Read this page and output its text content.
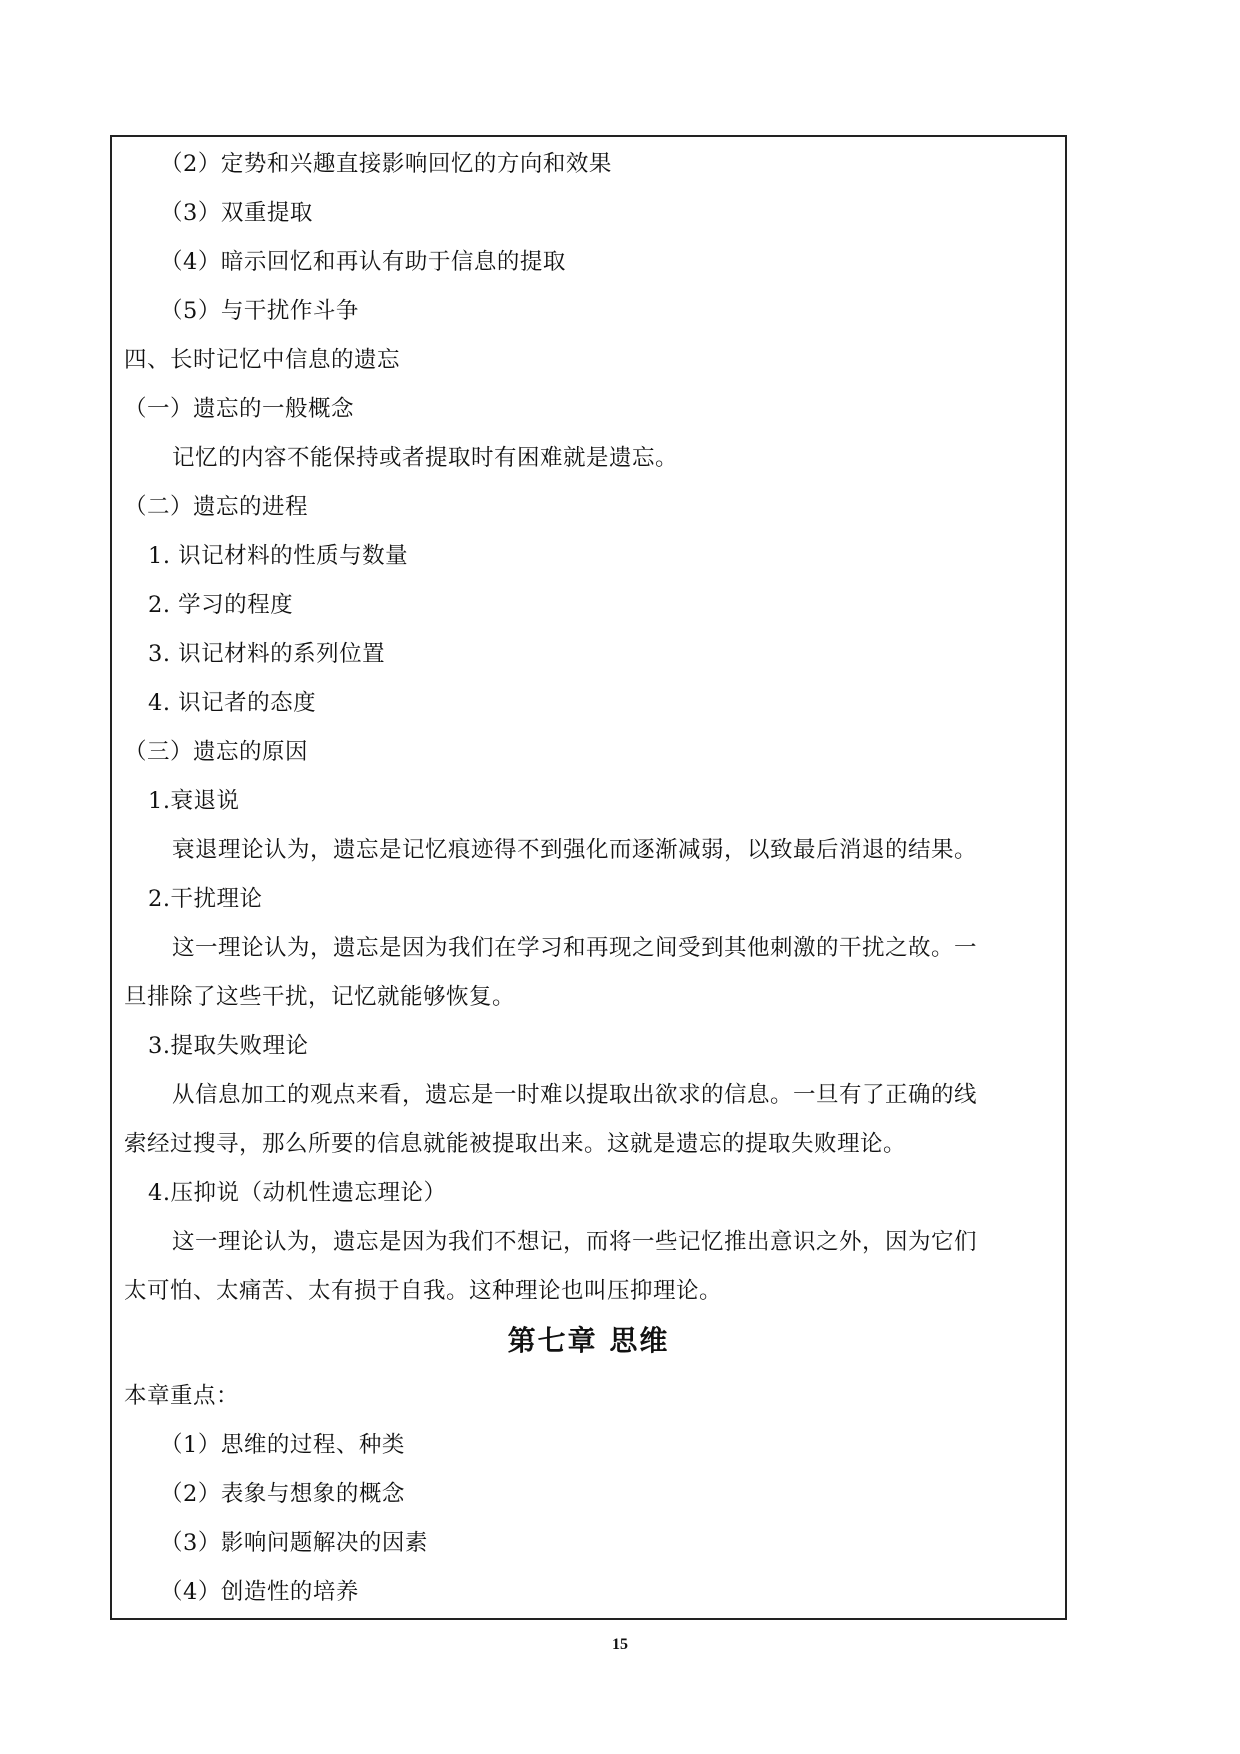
（2）定势和兴趣直接影响回忆的方向和效果
（3）双重提取
（4）暗示回忆和再认有助于信息的提取
（5）与干扰作斗争
四、长时记忆中信息的遗忘
（一）遗忘的一般概念
记忆的内容不能保持或者提取时有困难就是遗忘。
（二）遗忘的进程
1. 识记材料的性质与数量
2. 学习的程度
3. 识记材料的系列位置
4. 识记者的态度
（三）遗忘的原因
1.衰退说
衰退理论认为，遗忘是记忆痕迹得不到强化而逐渐减弱，以致最后消退的结果。
2.干扰理论
这一理论认为，遗忘是因为我们在学习和再现之间受到其他刺激的干扰之故。一
旦排除了这些干扰，记忆就能够恢复。
3.提取失败理论
从信息加工的观点来看，遗忘是一时难以提取出欲求的信息。一旦有了正确的线
索经过搜寻，那么所要的信息就能被提取出来。这就是遗忘的提取失败理论。
4.压抑说（动机性遗忘理论）
这一理论认为，遗忘是因为我们不想记，而将一些记忆推出意识之外，因为它们
太可怕、太痛苦、太有损于自我。这种理论也叫压抑理论。
第七章 思维
本章重点：
（1）思维的过程、种类
（2）表象与想象的概念
（3）影响问题解决的因素
（4）创造性的培养
15
